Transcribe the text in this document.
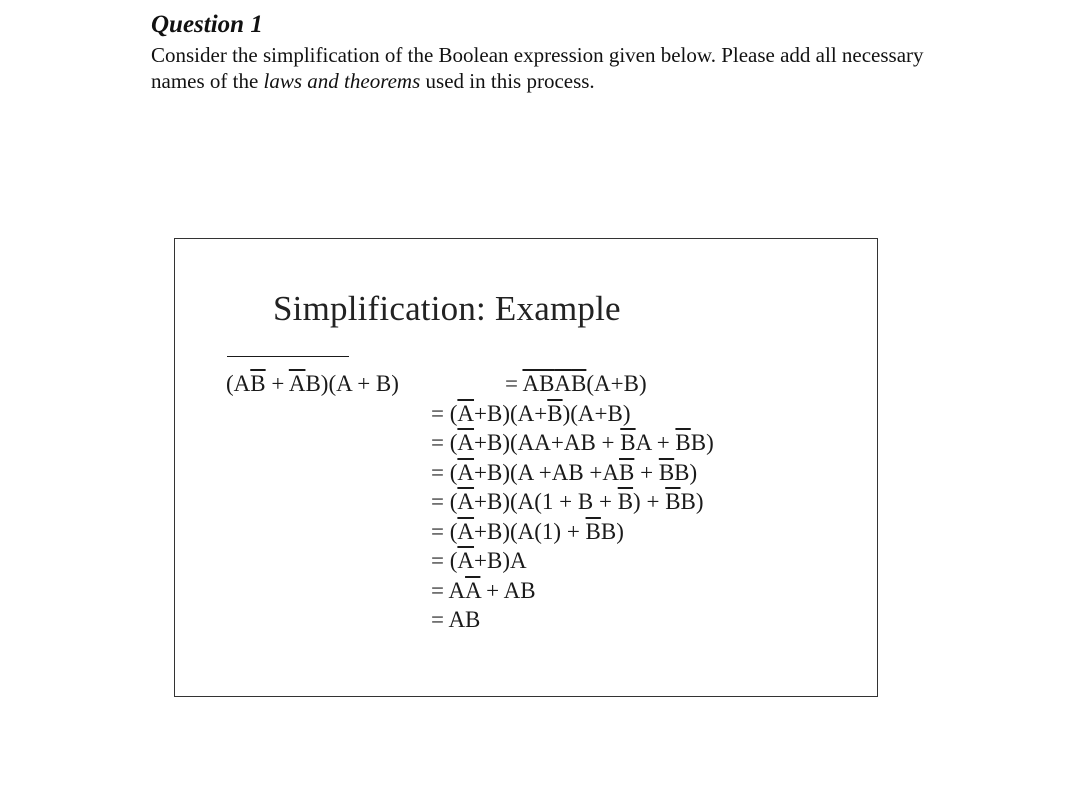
Question 1

Consider the simplification of the Boolean expression given below. Please add all necessary names of the laws and theorems used in this process.

Simplification: Example
$(A\overline{B} + \overline{A}B)(A + B)$	= $\overline{AB}\overline{A}\overline{B}(A+B)$
= $(\overline{A}+B)(A+\overline{B})(A+B)$
= $(\overline{A}+B)(AA+AB + \overline{B}A + \overline{B}B)$
= $(\overline{A}+B)(A +AB +A\overline{B} + \overline{B}B)$
= $(\overline{A}+B)(A(1 + B + \overline{B}) + \overline{B}B)$
= $(\overline{A}+B)(A(1) + \overline{B}B)$
= $(\overline{A}+B)A$
= $A\overline{A}$ + AB
= AB
